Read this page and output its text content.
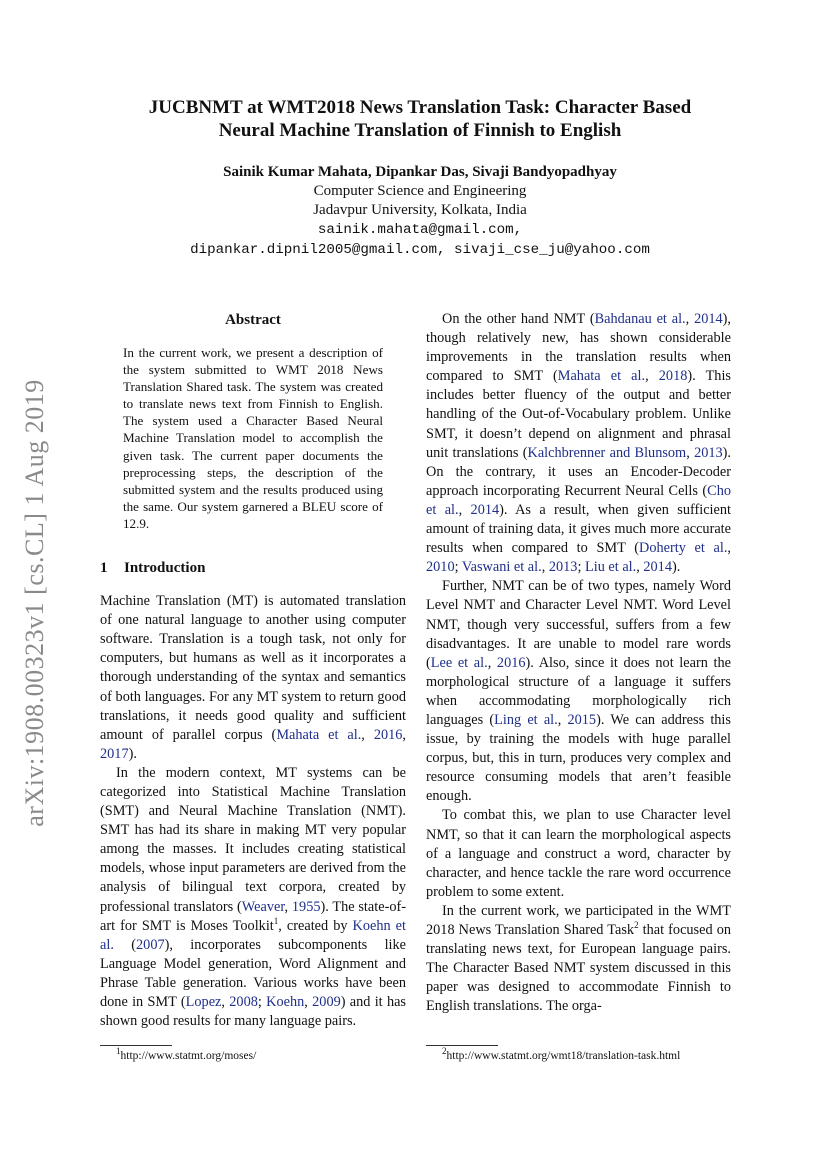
arXiv:1908.00323v1 [cs.CL] 1 Aug 2019
JUCBNMT at WMT2018 News Translation Task: Character Based
Neural Machine Translation of Finnish to English
Sainik Kumar Mahata, Dipankar Das, Sivaji Bandyopadhyay
Computer Science and Engineering
Jadavpur University, Kolkata, India
sainik.mahata@gmail.com,
dipankar.dipnil2005@gmail.com, sivaji_cse_ju@yahoo.com
Abstract
In the current work, we present a description of the system submitted to WMT 2018 News Translation Shared task. The system was created to translate news text from Finnish to English. The system used a Character Based Neural Machine Translation model to accomplish the given task. The current paper documents the preprocessing steps, the description of the submitted system and the results produced using the same. Our system garnered a BLEU score of 12.9.
1 Introduction

Machine Translation (MT) is automated translation of one natural language to another using computer software. Translation is a tough task, not only for computers, but humans as well as it incorporates a thorough understanding of the syntax and semantics of both languages. For any MT system to return good translations, it needs good quality and sufficient amount of parallel corpus (Mahata et al., 2016, 2017).

In the modern context, MT systems can be categorized into Statistical Machine Translation (SMT) and Neural Machine Translation (NMT). SMT has had its share in making MT very popular among the masses. It includes creating statistical models, whose input parameters are derived from the analysis of bilingual text corpora, created by professional translators (Weaver, 1955). The state-of-art for SMT is Moses Toolkit$^1$, created by Koehn et al. (2007), incorporates subcomponents like Language Model generation, Word Alignment and Phrase Table generation. Various works have been done in SMT (Lopez, 2008; Koehn, 2009) and it has shown good results for many language pairs.

On the other hand NMT (Bahdanau et al., 2014), though relatively new, has shown considerable improvements in the translation results when compared to SMT (Mahata et al., 2018). This includes better fluency of the output and better handling of the Out-of-Vocabulary problem. Unlike SMT, it doesn’t depend on alignment and phrasal unit translations (Kalchbrenner and Blunsom, 2013). On the contrary, it uses an Encoder-Decoder approach incorporating Recurrent Neural Cells (Cho et al., 2014). As a result, when given sufficient amount of training data, it gives much more accurate results when compared to SMT (Doherty et al., 2010; Vaswani et al., 2013; Liu et al., 2014).

Further, NMT can be of two types, namely Word Level NMT and Character Level NMT. Word Level NMT, though very successful, suffers from a few disadvantages. It are unable to model rare words (Lee et al., 2016). Also, since it does not learn the morphological structure of a language it suffers when accommodating morphologically rich languages (Ling et al., 2015). We can address this issue, by training the models with huge parallel corpus, but, this in turn, produces very complex and resource consuming models that aren’t feasible enough.

To combat this, we plan to use Character level NMT, so that it can learn the morphological aspects of a language and construct a word, character by character, and hence tackle the rare word occurrence problem to some extent.

In the current work, we participated in the WMT 2018 News Translation Shared Task$^2$ that focused on translating news text, for European language pairs. The Character Based NMT system discussed in this paper was designed to accommodate Finnish to English translations. The orga-

$^1$http://www.statmt.org/moses/	$^2$http://www.statmt.org/wmt18/translation-task.html
